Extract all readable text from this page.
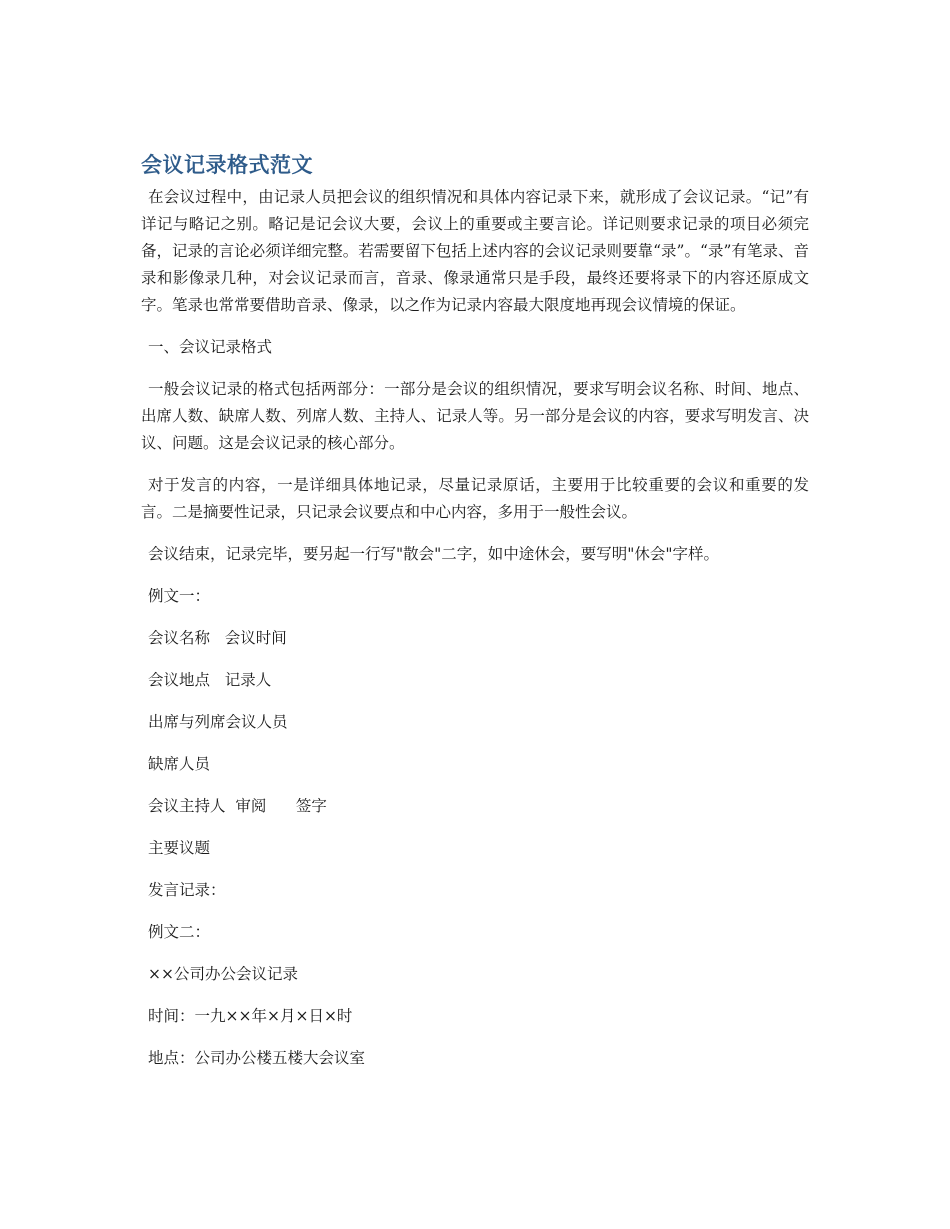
会议记录格式范文

在会议过程中，由记录人员把会议的组织情况和具体内容记录下来，就形成了会议记录。“记”有详记与略记之别。略记是记会议大要，会议上的重要或主要言论。详记则要求记录的项目必须完备，记录的言论必须详细完整。若需要留下包括上述内容的会议记录则要靠“录”。“录”有笔录、音录和影像录几种，对会议记录而言，音录、像录通常只是手段，最终还要将录下的内容还原成文字。笔录也常常要借助音录、像录，以之作为记录内容最大限度地再现会议情境的保证。

一、会议记录格式

一般会议记录的格式包括两部分：一部分是会议的组织情况，要求写明会议名称、时间、地点、出席人数、缺席人数、列席人数、主持人、记录人等。另一部分是会议的内容，要求写明发言、决议、问题。这是会议记录的核心部分。

对于发言的内容，一是详细具体地记录，尽量记录原话，主要用于比较重要的会议和重要的发言。二是摘要性记录，只记录会议要点和中心内容，多用于一般性会议。

会议结束，记录完毕，要另起一行写"散会"二字，如中途休会，要写明"休会"字样。

例文一：

会议名称   会议时间

会议地点   记录人

出席与列席会议人员

缺席人员

会议主持人  审阅      签字

主要议题

发言记录：

例文二：

××公司办公会议记录

时间：一九××年×月×日×时

地点：公司办公楼五楼大会议室
